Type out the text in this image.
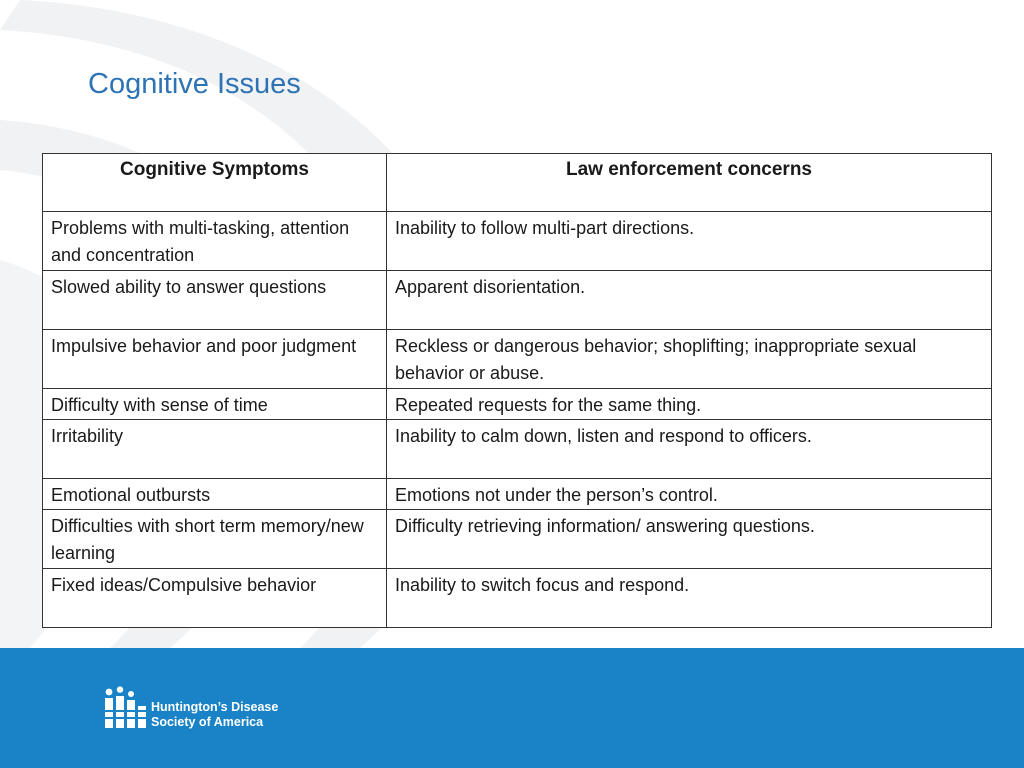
Cognitive Issues
Cognitive Symptoms	Law enforcement concerns
Problems with multi-tasking, attention and concentration	Inability to follow multi-part directions.
Slowed ability to answer questions	Apparent disorientation.
Impulsive behavior and poor judgment	Reckless or dangerous behavior; shoplifting; inappropriate sexual behavior or abuse.
Difficulty with sense of time	Repeated requests for the same thing.
Irritability	Inability to calm down, listen and respond to officers.
Emotional outbursts	Emotions not under the person’s control.
Difficulties with short term memory/new learning	Difficulty retrieving information/ answering questions.
Fixed ideas/Compulsive behavior	Inability to switch focus and respond.
Huntington’s Disease
Society of America
